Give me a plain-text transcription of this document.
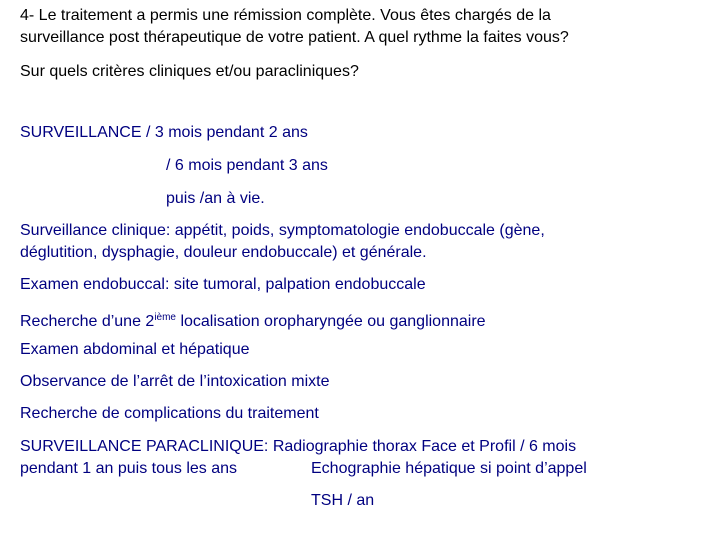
4- Le traitement a permis une rémission complète. Vous êtes chargés de la
surveillance post thérapeutique de votre patient. A quel rythme la faites vous?
Sur quels critères cliniques et/ou paracliniques?
SURVEILLANCE / 3 mois pendant 2 ans
/ 6 mois pendant 3 ans
puis /an à vie.
Surveillance clinique: appétit, poids, symptomatologie endobuccale (gène,
déglutition, dysphagie, douleur endobuccale) et générale.
Examen endobuccal: site tumoral, palpation endobuccale
Recherche d’une 2ième localisation oropharyngée ou ganglionnaire
Examen abdominal et hépatique
Observance de l’arrêt de l’intoxication mixte
Recherche de complications du traitement
SURVEILLANCE PARACLINIQUE: Radiographie thorax Face et Profil / 6 mois
pendant 1 an puis tous les ans	Echographie hépatique si point d’appel
TSH / an
